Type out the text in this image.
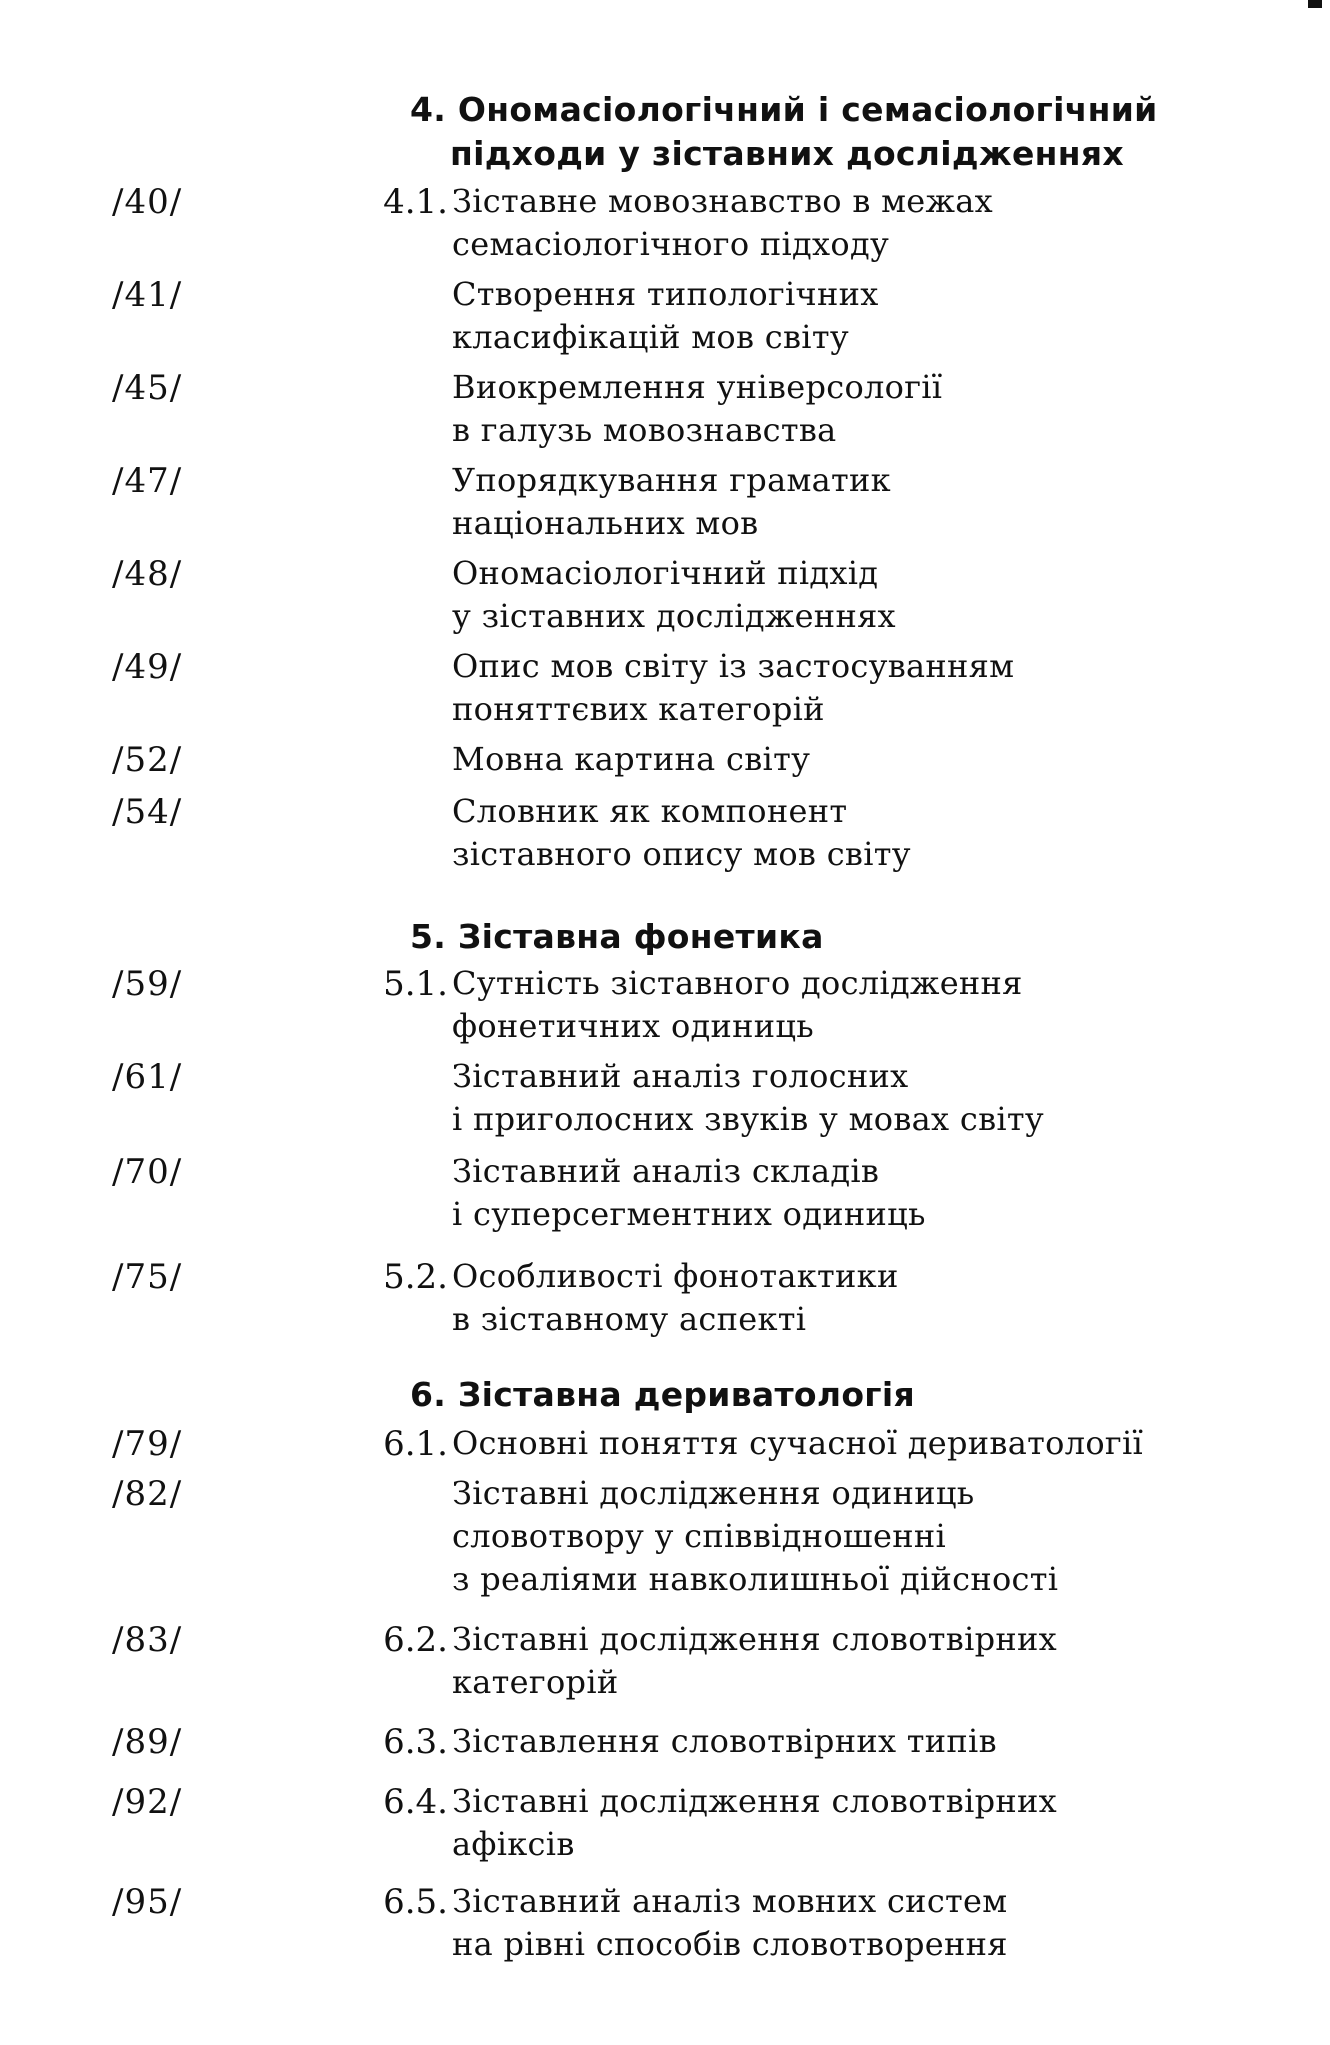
4. Ономасіологічний і семасіологічний
підходи у зіставних дослідженнях
/40/	4.1. Зіставне мовознавство в межах
семасіологічного підходу
/41/	Створення типологічних
класифікацій мов світу
/45/	Виокремлення універсології
в галузь мовознавства
/47/	Упорядкування граматик
національних мов
/48/	Ономасіологічний підхід
у зіставних дослідженнях
/49/	Опис мов світу із застосуванням
поняттєвих категорій
/52/	Мовна картина світу
/54/	Словник як компонент
зіставного опису мов світу
5. Зіставна фонетика
/59/	5.1. Сутність зіставного дослідження
фонетичних одиниць
/61/	Зіставний аналіз голосних
і приголосних звуків у мовах світу
/70/	Зіставний аналіз складів
і суперсегментних одиниць
/75/	5.2. Особливості фонотактики
в зіставному аспекті
6. Зіставна дериватологія
/79/	6.1. Основні поняття сучасної дериватології
/82/	Зіставні дослідження одиниць
словотвору у співвідношенні
з реаліями навколишньої дійсності
/83/	6.2. Зіставні дослідження словотвірних
категорій
/89/	6.3. Зіставлення словотвірних типів
/92/	6.4. Зіставні дослідження словотвірних
афіксів
/95/	6.5. Зіставний аналіз мовних систем
на рівні способів словотворення
